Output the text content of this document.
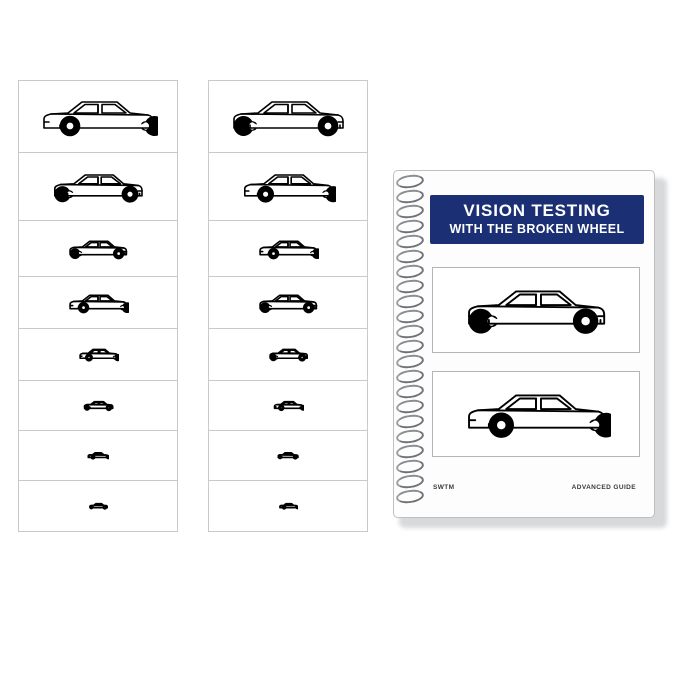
VISION TESTING
WITH THE BROKEN WHEEL
SWTM	ADVANCED GUIDE
